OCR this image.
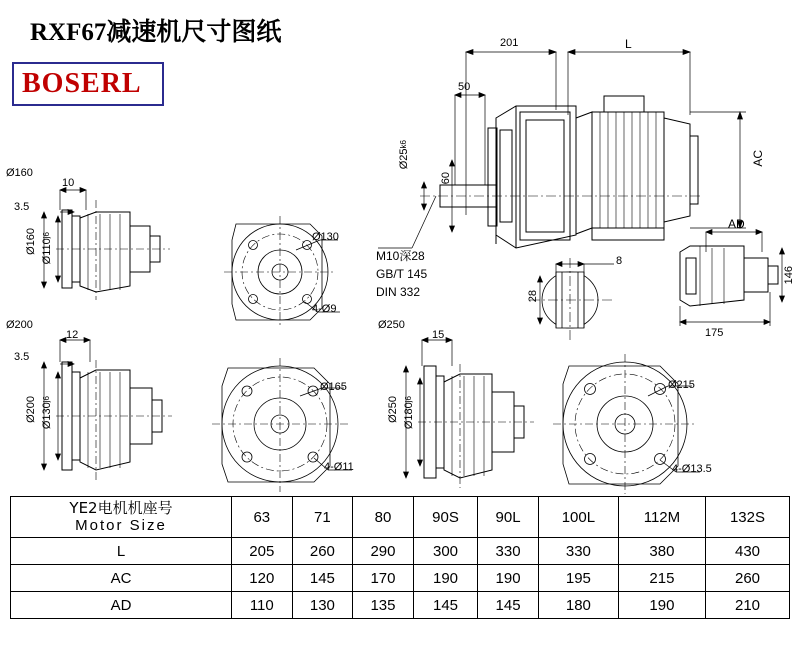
RXF67减速机尺寸图纸
BOSERL
201
50
L
Ø25k6
60
AC
AD
146
175
8
28
M10深28
GB/T 145
DIN 332
Ø160
10
3.5
Ø160 Ø110j6	Ø130
4-Ø9
Ø200
12
3.5
Ø200 Ø130j6
Ø165
4-Ø11
Ø250
15
Ø250 Ø180j6
Ø215
4-Ø13.5
YE2电机机座号
Motor Size	63	71	80	90S	90L	100L	112M	132S
L	205	260	290	300	330	330	380	430
AC	120	145	170	190	190	195	215	260
AD	110	130	135	145	145	180	190	210
